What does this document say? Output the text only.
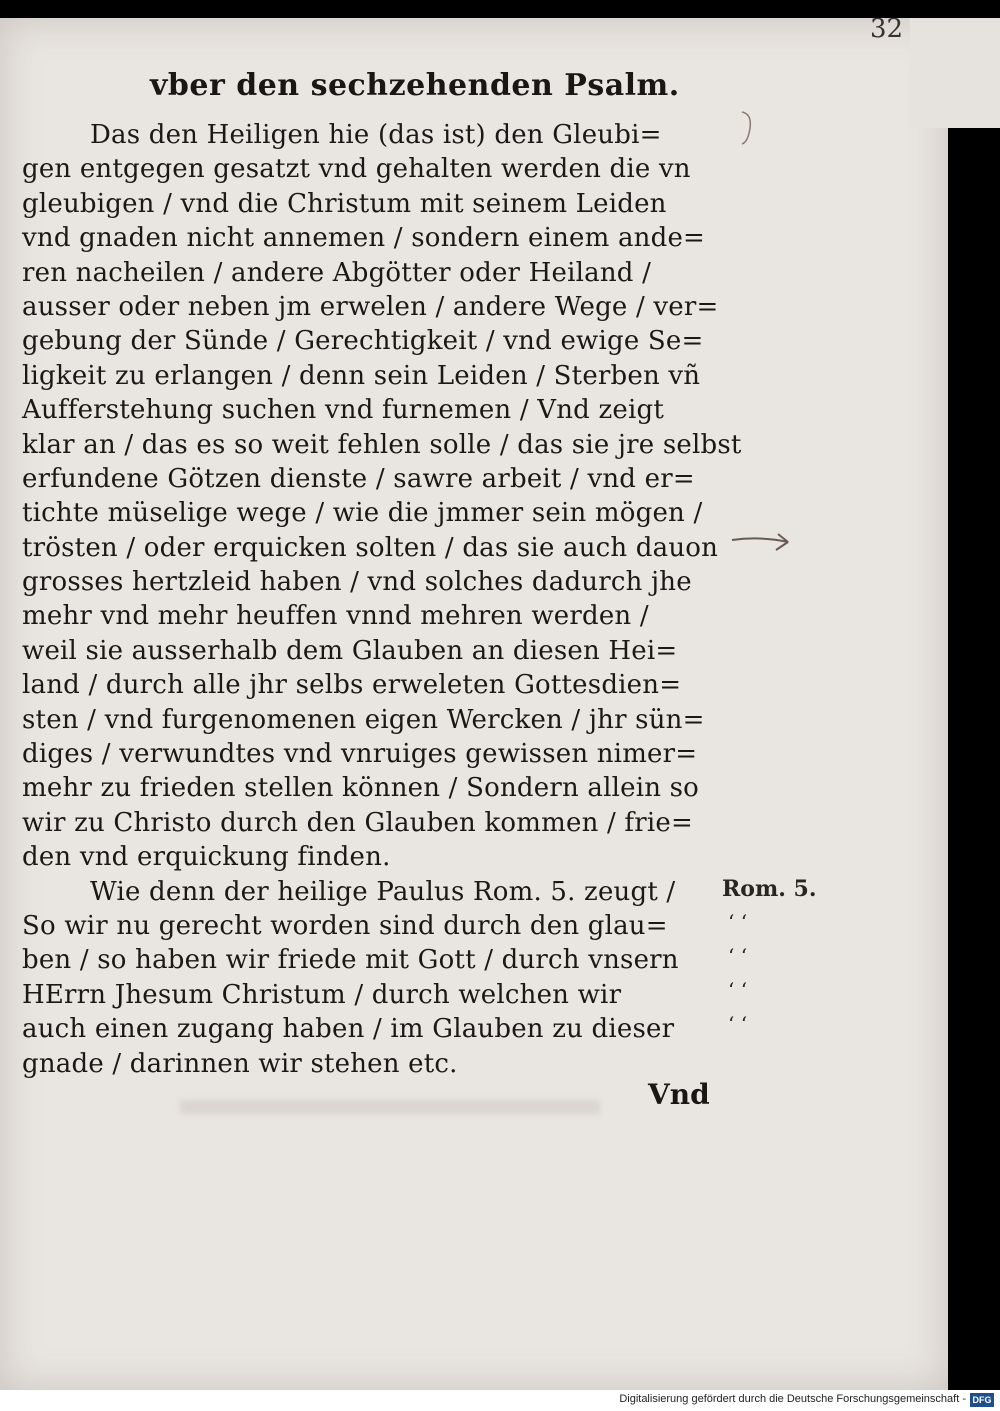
32
vber den sechzehenden Psalm.
Das den Heiligen hie (das ist) den Gleubi=
gen entgegen gesatzt vnd gehalten werden die vn
gleubigen / vnd die Christum mit seinem Leiden
vnd gnaden nicht annemen / sondern einem ande=
ren nacheilen / andere Abgötter oder Heiland /
ausser oder neben jm erwelen / andere Wege / ver=
gebung der Sünde / Gerechtigkeit / vnd ewige Se=
ligkeit zu erlangen / denn sein Leiden / Sterben vñ
Aufferstehung suchen vnd furnemen / Vnd zeigt
klar an / das es so weit fehlen solle / das sie jre selbst
erfundene Götzen dienste / sawre arbeit / vnd er=
tichte müselige wege / wie die jmmer sein mögen /
trösten / oder erquicken solten / das sie auch dauon
grosses hertzleid haben / vnd solches dadurch jhe
mehr vnd mehr heuffen vnnd mehren werden /
weil sie ausserhalb dem Glauben an diesen Hei=
land / durch alle jhr selbs erweleten Gottesdien=
sten / vnd furgenomenen eigen Wercken / jhr sün=
diges / verwundtes vnd vnruiges gewissen nimer=
mehr zu frieden stellen können / Sondern allein so
wir zu Christo durch den Glauben kommen / frie=
den vnd erquickung finden.
Wie denn der heilige Paulus Rom. 5. zeugt /
So wir nu gerecht worden sind durch den glau=
ben / so haben wir friede mit Gott / durch vnsern
HErrn Jhesum Christum / durch welchen wir
auch einen zugang haben / im Glauben zu dieser
gnade / darinnen wir stehen etc.
Rom. 5.
‘ ‘
‘ ‘
‘ ‘
‘ ‘
Vnd
Digitalisierung gefördert durch die Deutsche Forschungsgemeinschaft - DFG
